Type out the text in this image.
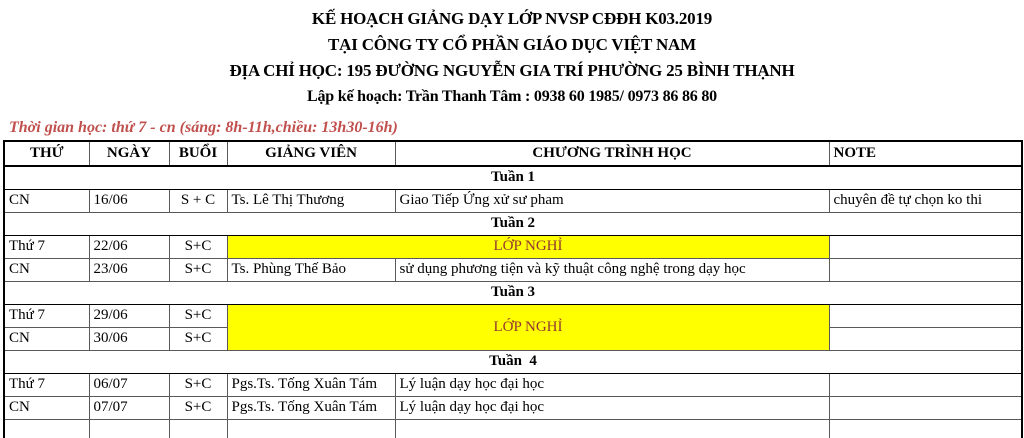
KẾ HOẠCH GIẢNG DẠY LỚP NVSP CĐĐH K03.2019
TẠI CÔNG TY CỔ PHẦN GIÁO DỤC VIỆT NAM
ĐỊA CHỈ HỌC: 195 ĐƯỜNG NGUYỄN GIA TRÍ PHƯỜNG 25 BÌNH THẠNH
Lập kế hoạch: Trần Thanh Tâm : 0938 60 1985/ 0973 86 86 80
Thời gian học: thứ 7 - cn (sáng: 8h-11h,chiều: 13h30-16h)
THỨ	NGÀY	BUỔI	GIẢNG VIÊN	CHƯƠNG TRÌNH HỌC	NOTE
Tuần 1					
CN	16/06	S + C	Ts. Lê Thị Thương	Giao Tiếp Ứng xử sư pham	chuyên đề tự chọn ko thi
Tuần 2					
Thứ 7	22/06	S+C	LỚP NGHỈ		
CN	23/06	S+C	Ts. Phùng Thế Bảo	sử dụng phương tiện và kỹ thuật công nghệ trong dạy học	
Tuần 3					
Thứ 7	29/06	S+C	LỚP NGHỈ		
CN	30/06	S+C			
Tuần  4					
Thứ 7	06/07	S+C	Pgs.Ts. Tống Xuân Tám	Lý luận dạy học đại học	
CN	07/07	S+C	Pgs.Ts. Tống Xuân Tám	Lý luận dạy học đại học	
